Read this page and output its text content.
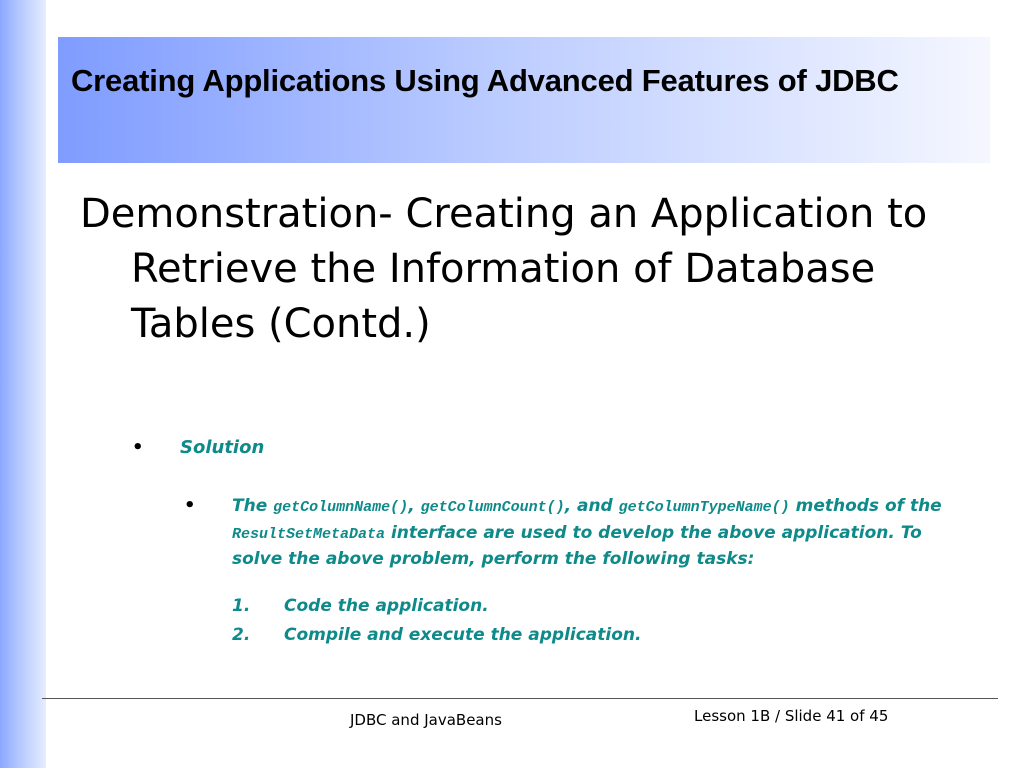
Creating Applications Using Advanced Features of JDBC

Demonstration- Creating an Application to Retrieve the Information of Database Tables (Contd.)

•	Solution
•	The getColumnName(), getColumnCount(), and getColumnTypeName() methods of the ResultSetMetaData interface are used to develop the above application. To solve the above problem, perform the following tasks:
1.	Code the application.
2.	Compile and execute the application.
JDBC and JavaBeans	Lesson 1B / Slide 41 of 45
